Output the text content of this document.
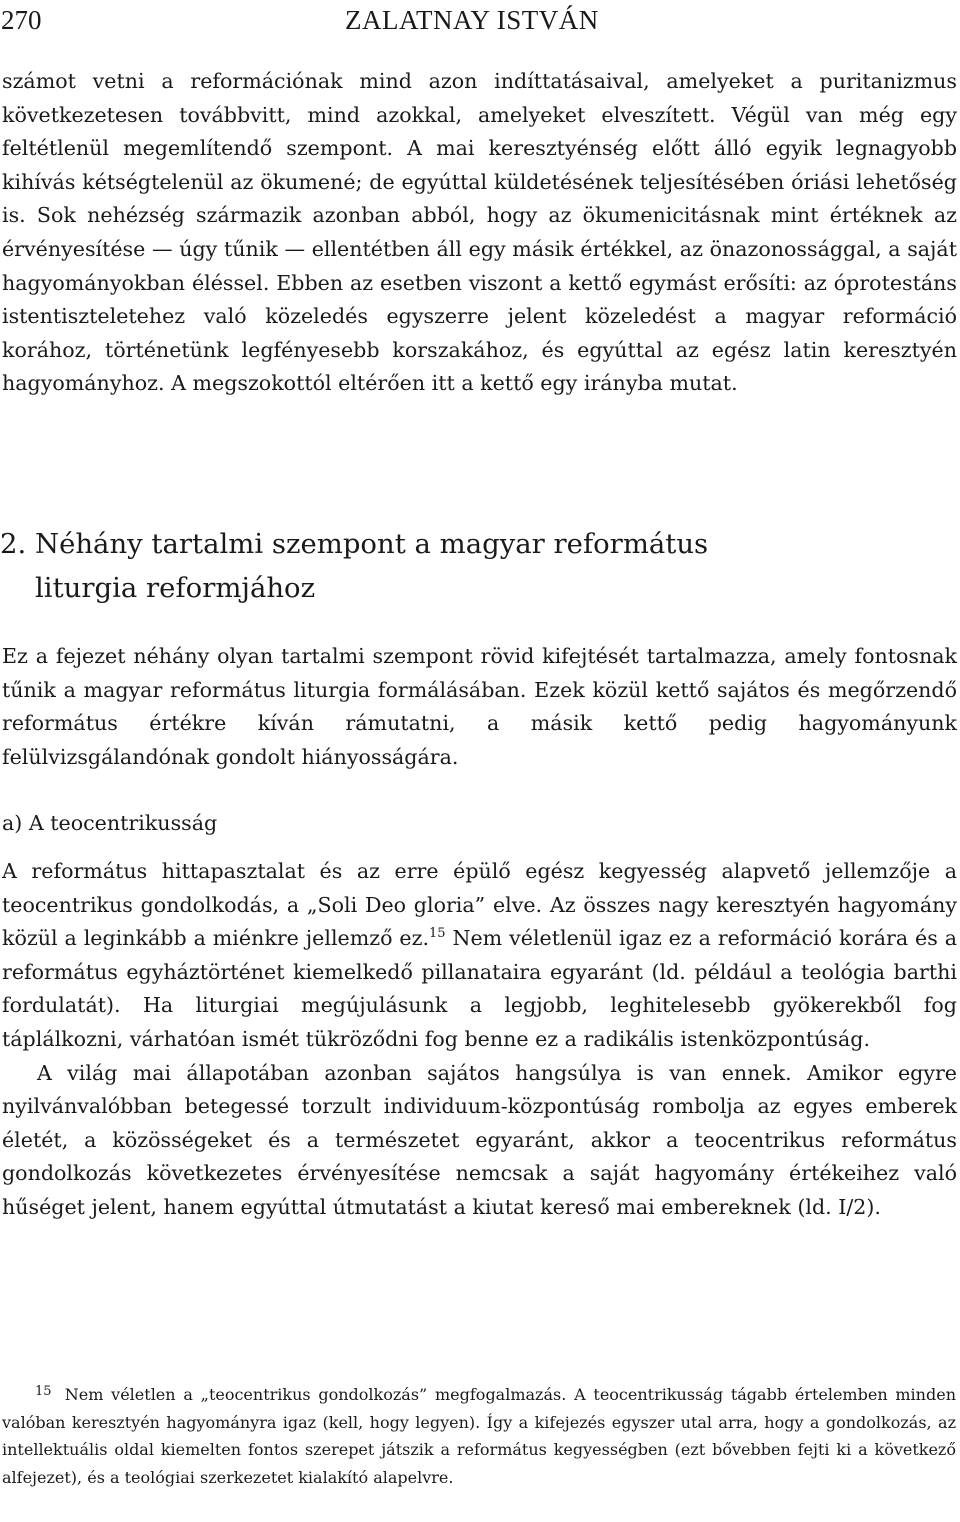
270	ZALATNAY ISTVÁN

számot vetni a reformációnak mind azon indíttatásaival, amelyeket a puritanizmus következetesen továbbvitt, mind azokkal, amelyeket elveszített. Végül van még egy feltétlenül megemlítendő szempont. A mai keresztyénség előtt álló egyik legnagyobb kihívás kétségtelenül az ökumené; de egyúttal küldetésének teljesítésében óriási lehetőség is. Sok nehézség származik azonban abból, hogy az ökumenicitásnak mint értéknek az érvényesítése — úgy tűnik — ellentétben áll egy másik értékkel, az önazonossággal, a saját hagyományokban éléssel. Ebben az esetben viszont a kettő egymást erősíti: az óprotestáns istentiszteletehez való közeledés egyszerre jelent közeledést a magyar reformáció korához, történetünk legfényesebb korszakához, és egyúttal az egész latin keresztyén hagyományhoz. A megszokottól eltérően itt a kettő egy irányba mutat.

2. Néhány tartalmi szempont a magyar református
liturgia reformjához

Ez a fejezet néhány olyan tartalmi szempont rövid kifejtését tartalmazza, amely fontosnak tűnik a magyar református liturgia formálásában. Ezek közül kettő sajátos és megőrzendő református értékre kíván rámutatni, a másik kettő pedig hagyományunk felülvizsgálandónak gondolt hiányosságára.

a) A teocentrikusság

A református hittapasztalat és az erre épülő egész kegyesség alapvető jellemzője a teocentrikus gondolkodás, a „Soli Deo gloria” elve. Az összes nagy keresztyén hagyomány közül a leginkább a miénkre jellemző ez.$^{15}$ Nem véletlenül igaz ez a reformáció korára és a református egyháztörténet kiemelkedő pillanataira egyaránt (ld. például a teológia barthi fordulatát). Ha liturgiai megújulásunk a legjobb, leghitelesebb gyökerekből fog táplálkozni, várhatóan ismét tükröződni fog benne ez a radikális istenközpontúság.

A világ mai állapotában azonban sajátos hangsúlya is van ennek. Amikor egyre nyilvánvalóbban betegessé torzult individuum-központúság rombolja az egyes emberek életét, a közösségeket és a természetet egyaránt, akkor a teocentrikus református gondolkozás következetes érvényesítése nemcsak a saját hagyomány értékeihez való hűséget jelent, hanem egyúttal útmutatást a kiutat kereső mai embereknek (ld. I/2).

15 Nem véletlen a „teocentrikus gondolkozás” megfogalmazás. A teocentrikusság tágabb értelemben minden valóban keresztyén hagyományra igaz (kell, hogy legyen). Így a kifejezés egyszer utal arra, hogy a gondolkozás, az intellektuális oldal kiemelten fontos szerepet játszik a református kegyességben (ezt bővebben fejti ki a következő alfejezet), és a teológiai szerkezetet kialakító alapelvre.
